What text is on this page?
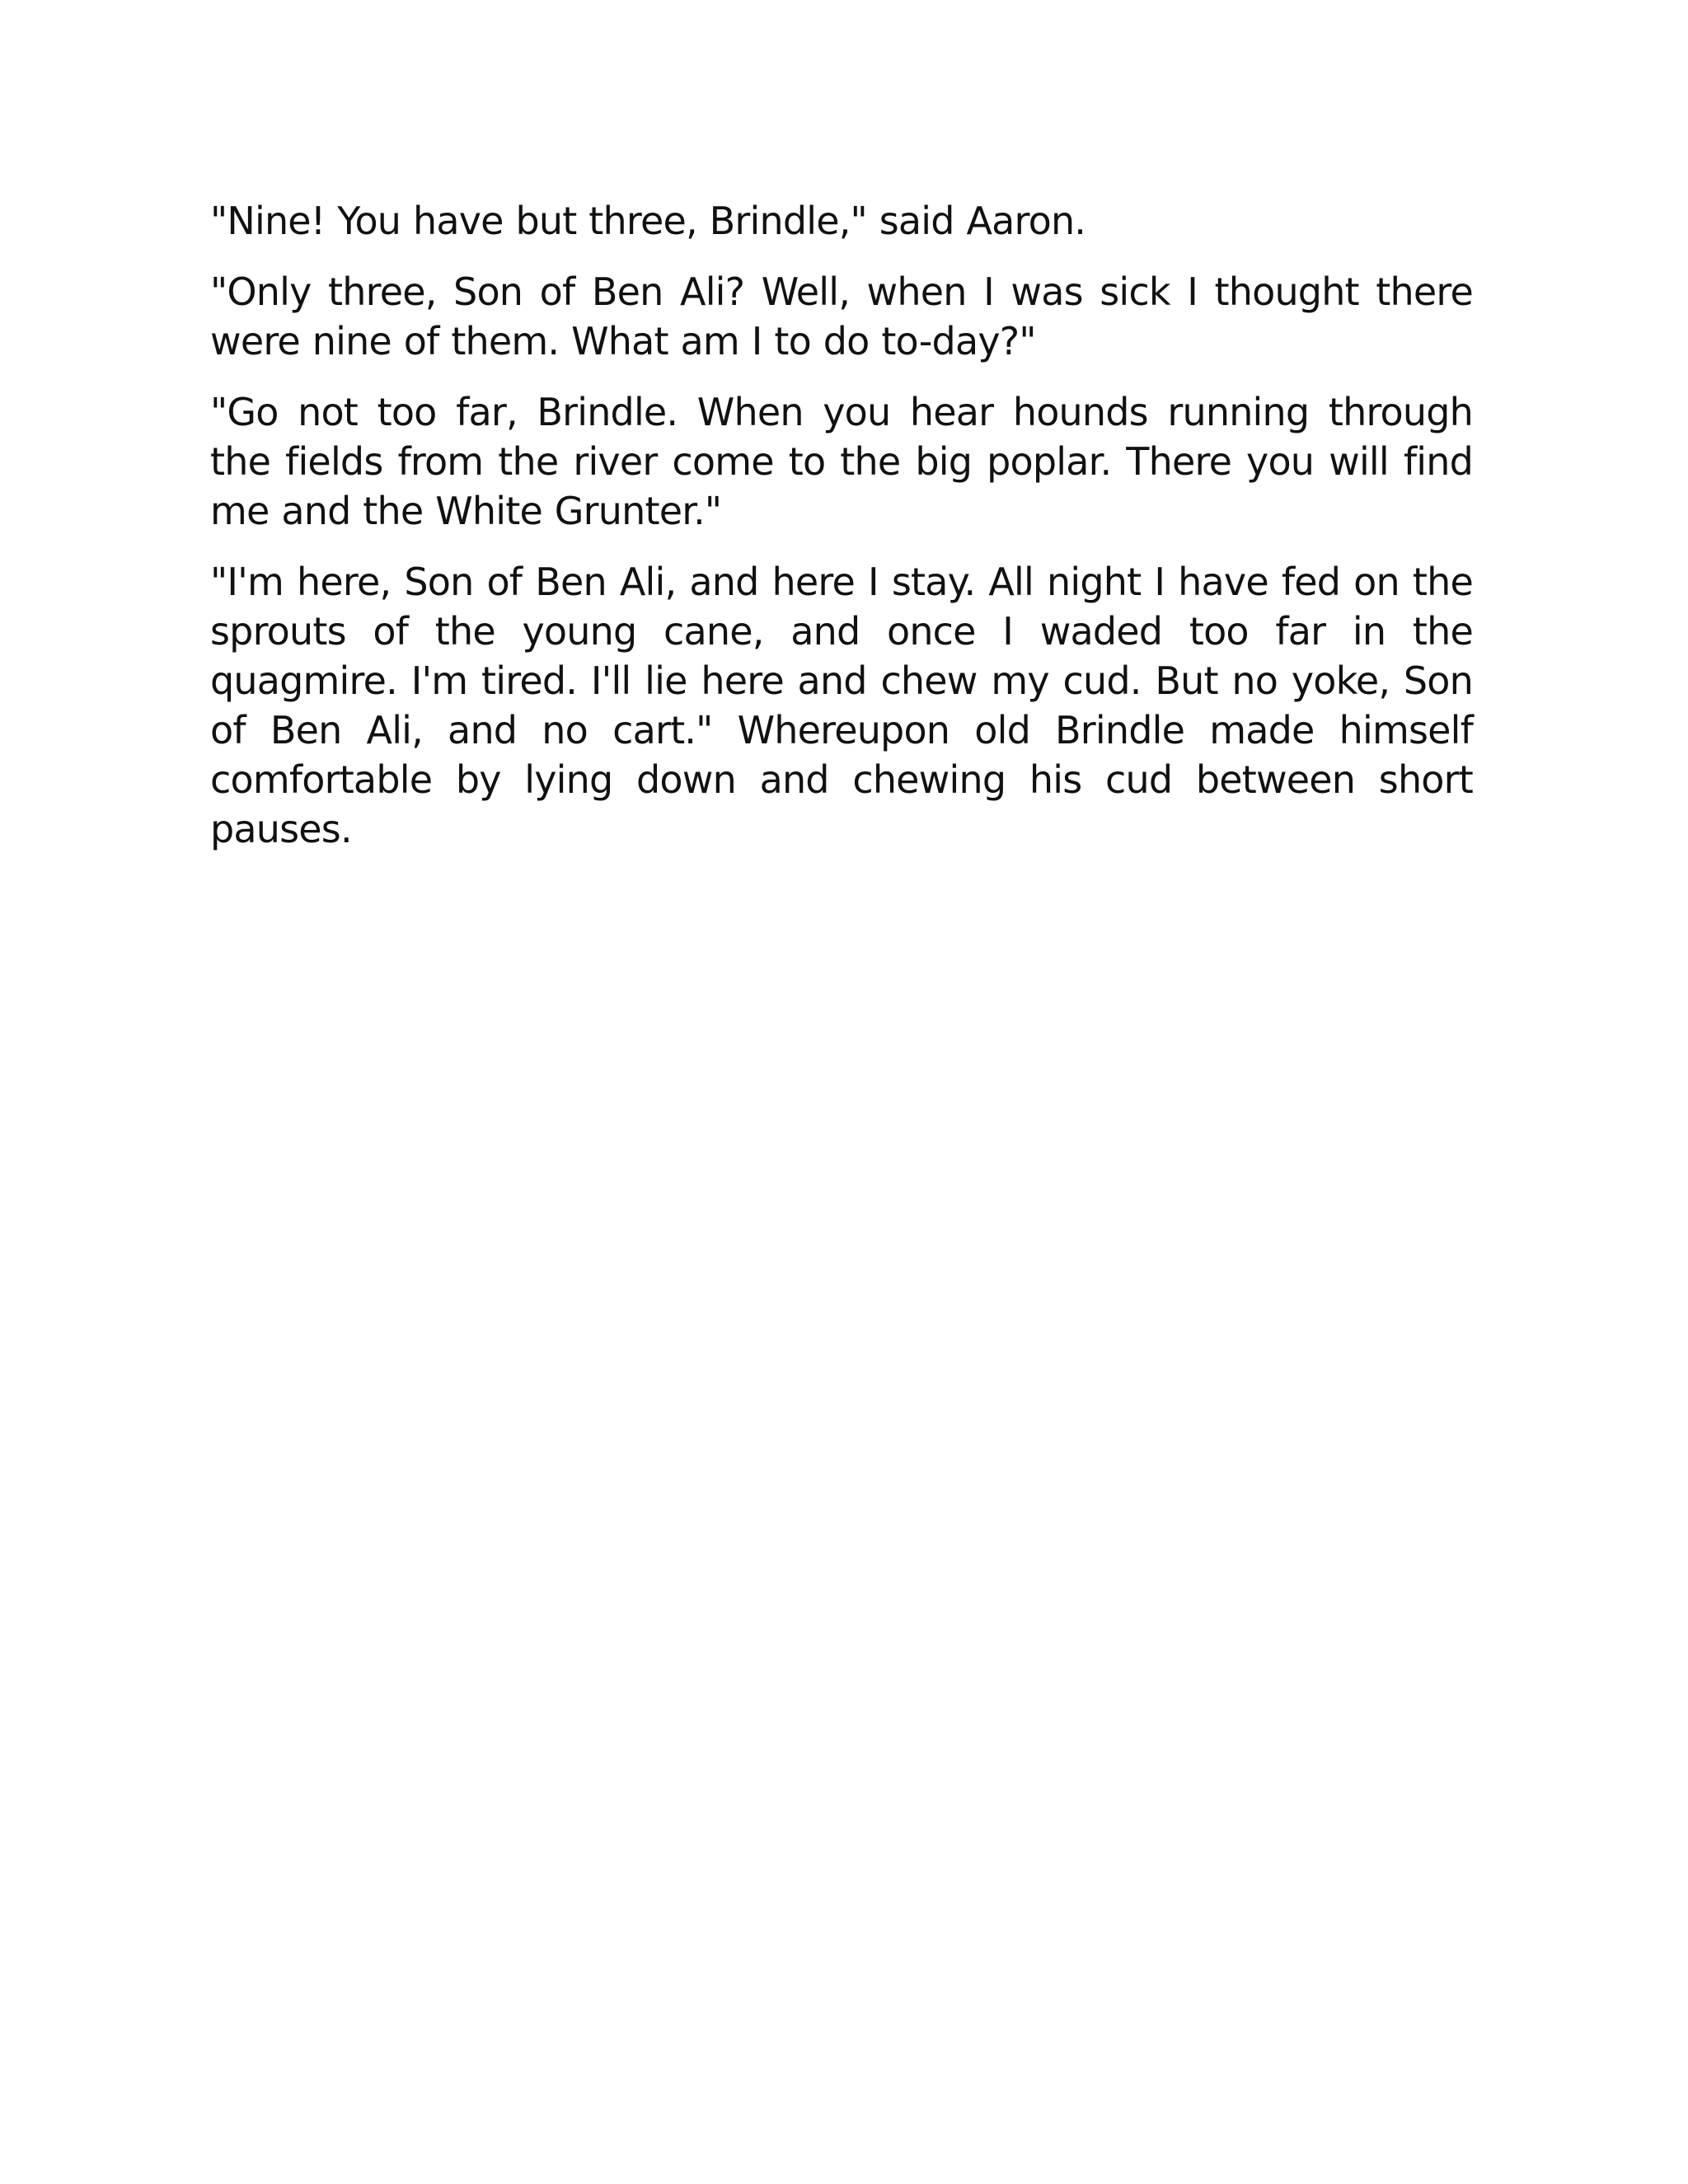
"Nine! You have but three, Brindle," said Aaron.

"Only three, Son of Ben Ali? Well, when I was sick I thought there were nine of them. What am I to do to-day?"

"Go not too far, Brindle. When you hear hounds running through the fields from the river come to the big poplar. There you will find me and the White Grunter."

"I'm here, Son of Ben Ali, and here I stay. All night I have fed on the sprouts of the young cane, and once I waded too far in the quagmire. I'm tired. I'll lie here and chew my cud. But no yoke, Son of Ben Ali, and no cart." Whereupon old Brindle made himself comfortable by lying down and chewing his cud between short pauses.
